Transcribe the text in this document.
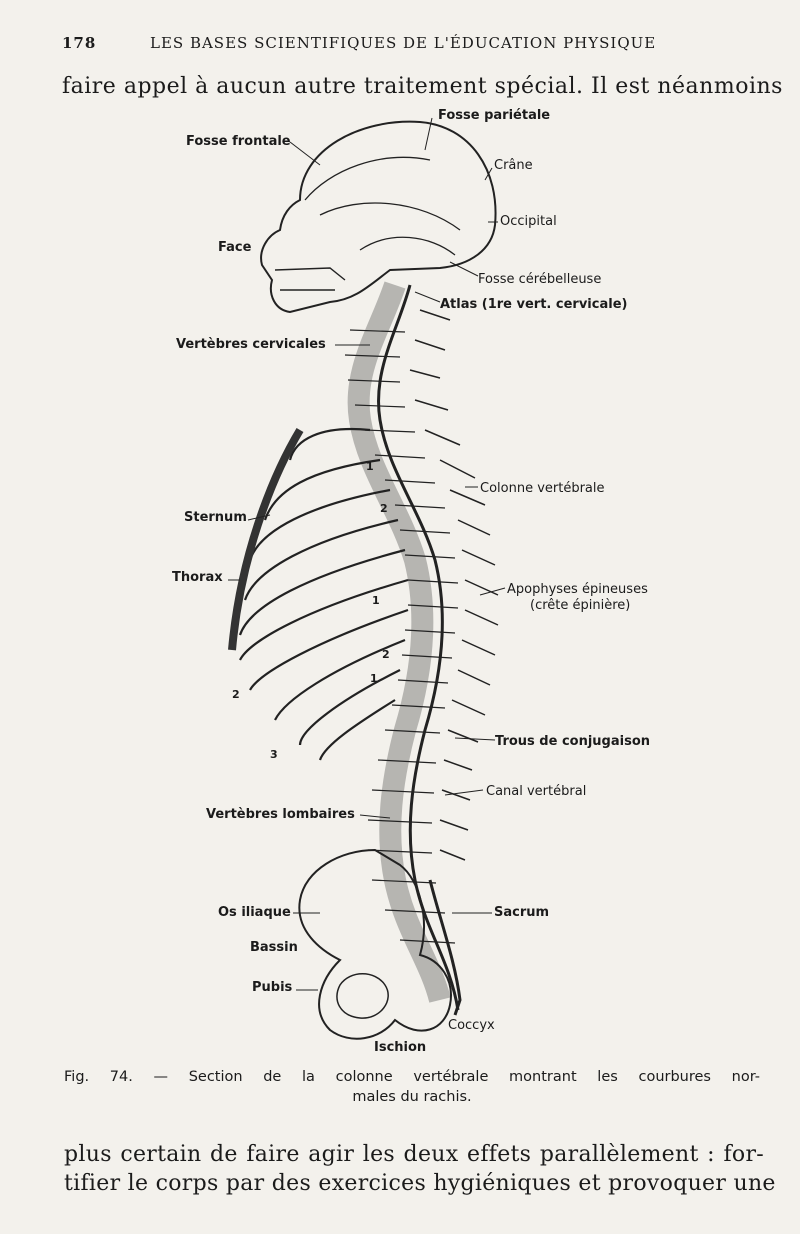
178	LES BASES SCIENTIFIQUES DE L'ÉDUCATION PHYSIQUE
faire appel à aucun autre traitement spécial. Il est néanmoins
Fosse pariétale
Fosse frontale
Crâne
Occipital
Face
Fosse cérébelleuse
Atlas (1re vert. cervicale)
Vertèbres cervicales
Colonne vertébrale
Sternum
Thorax
Apophyses épineuses
(crête épinière)
Trous de conjugaison
Canal vertébral
Vertèbres lombaires
Os iliaque	Sacrum
Bassin
Pubis
Coccyx
Ischion
1
2
1
2
1
2
3
Fig. 74. — Section de la colonne vertébrale montrant les courbures nor-
males du rachis.
plus certain de faire agir les deux effets parallèlement : for-
tifier le corps par des exercices hygiéniques et provoquer une
